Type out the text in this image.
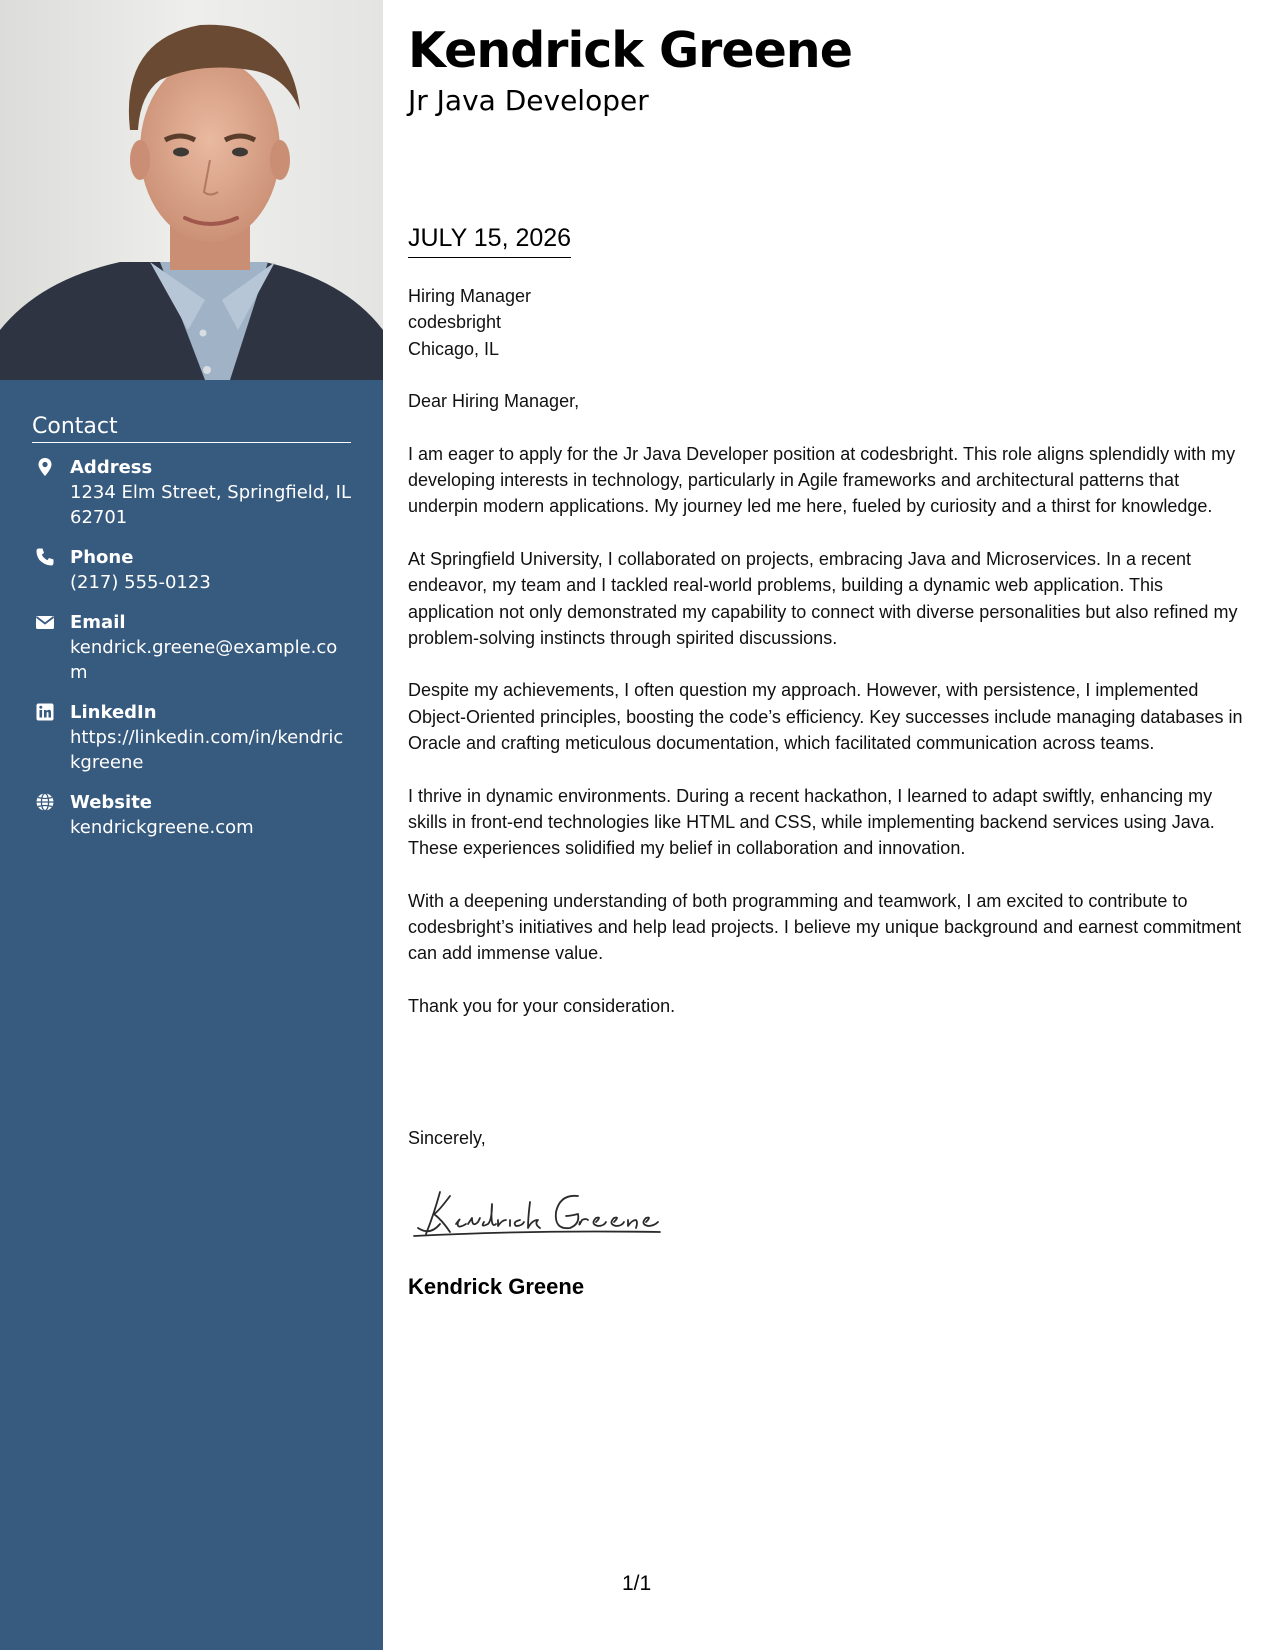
Contact
Address
1234 Elm Street, Springfield, IL 62701
Phone
(217) 555-0123
Email
kendrick.greene@example.com
LinkedIn
https://linkedin.com/in/kendrickgreene
Website
kendrickgreene.com
Kendrick Greene
Jr Java Developer
JULY 15, 2026

Hiring Manager

codesbright

Chicago, IL

Dear Hiring Manager,

I am eager to apply for the Jr Java Developer position at codesbright. This role aligns splendidly with my developing interests in technology, particularly in Agile frameworks and architectural patterns that underpin modern applications. My journey led me here, fueled by curiosity and a thirst for knowledge.

At Springfield University, I collaborated on projects, embracing Java and Microservices. In a recent endeavor, my team and I tackled real-world problems, building a dynamic web application. This application not only demonstrated my capability to connect with diverse personalities but also refined my problem-solving instincts through spirited discussions.

Despite my achievements, I often question my approach. However, with persistence, I implemented Object-Oriented principles, boosting the code’s efficiency. Key successes include managing databases in Oracle and crafting meticulous documentation, which facilitated communication across teams.

I thrive in dynamic environments. During a recent hackathon, I learned to adapt swiftly, enhancing my skills in front-end technologies like HTML and CSS, while implementing backend services using Java. These experiences solidified my belief in collaboration and innovation.

With a deepening understanding of both programming and teamwork, I am excited to contribute to codesbright’s initiatives and help lead projects. I believe my unique background and earnest commitment can add immense value.

Thank you for your consideration.

Sincerely,
Kendrick Greene
1/1
